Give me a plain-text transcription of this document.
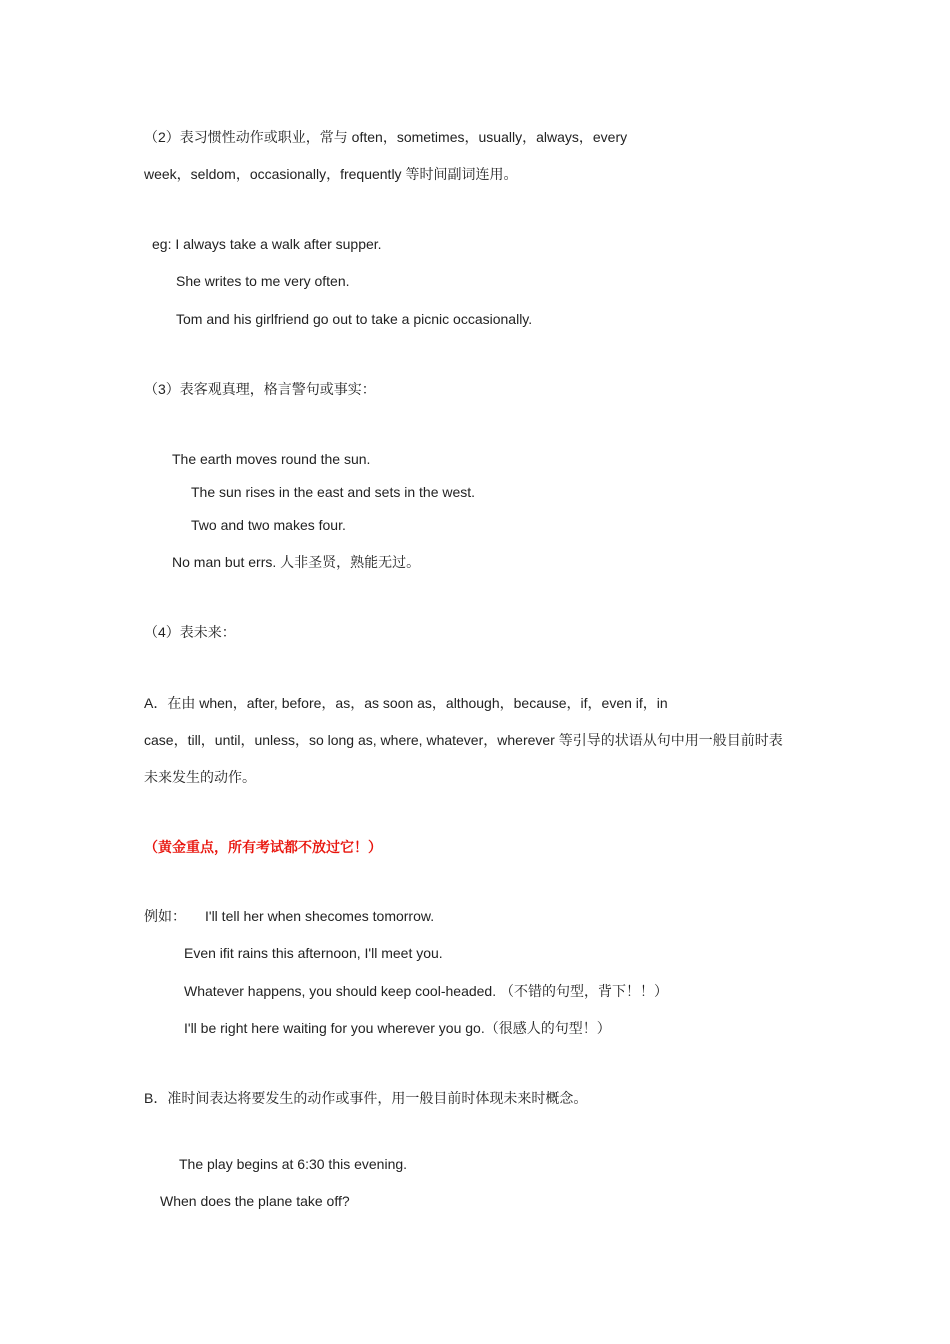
（2）表习惯性动作或职业，常与 often，sometimes，usually，always，every
week，seldom，occasionally，frequently 等时间副词连用。
eg: I always take a walk after supper.
She writes to me very often.
Tom and his girlfriend go out to take a picnic occasionally.
（3）表客观真理，格言警句或事实：
The earth moves round the sun.
The sun rises in the east and sets in the west.
Two and two makes four.
No man but errs. 人非圣贤，熟能无过。
（4）表未来：
A．在由 when，after, before，as，as soon as，although，because，if，even if，in
case，till，until，unless，so long as, where, whatever，wherever 等引导的状语从句中用一般目前时表
未来发生的动作。
（黄金重点，所有考试都不放过它！）
例如： I'll tell her when shecomes tomorrow.
Even ifit rains this afternoon, I'll meet you.
Whatever happens, you should keep cool-headed. （不错的句型，背下！！）
I'll be right here waiting for you wherever you go.（很感人的句型！）
B．准时间表达将要发生的动作或事件，用一般目前时体现未来时概念。
The play begins at 6:30 this evening.
When does the plane take off?
